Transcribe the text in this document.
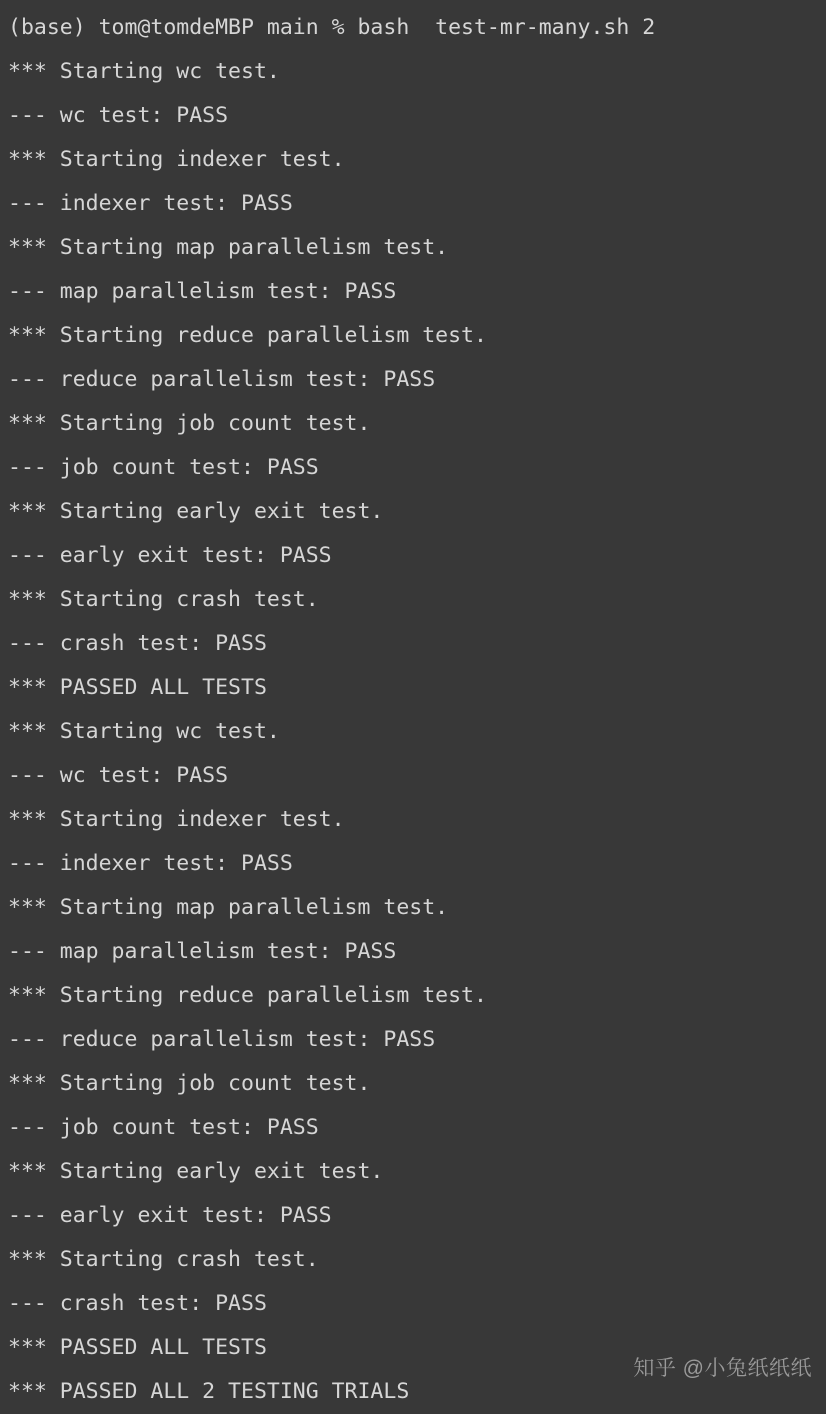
(base) tom@tomdeMBP main % bash  test-mr-many.sh 2
*** Starting wc test.
--- wc test: PASS
*** Starting indexer test.
--- indexer test: PASS
*** Starting map parallelism test.
--- map parallelism test: PASS
*** Starting reduce parallelism test.
--- reduce parallelism test: PASS
*** Starting job count test.
--- job count test: PASS
*** Starting early exit test.
--- early exit test: PASS
*** Starting crash test.
--- crash test: PASS
*** PASSED ALL TESTS
*** Starting wc test.
--- wc test: PASS
*** Starting indexer test.
--- indexer test: PASS
*** Starting map parallelism test.
--- map parallelism test: PASS
*** Starting reduce parallelism test.
--- reduce parallelism test: PASS
*** Starting job count test.
--- job count test: PASS
*** Starting early exit test.
--- early exit test: PASS
*** Starting crash test.
--- crash test: PASS
*** PASSED ALL TESTS
*** PASSED ALL 2 TESTING TRIALS
知乎 @小兔纸纸纸
